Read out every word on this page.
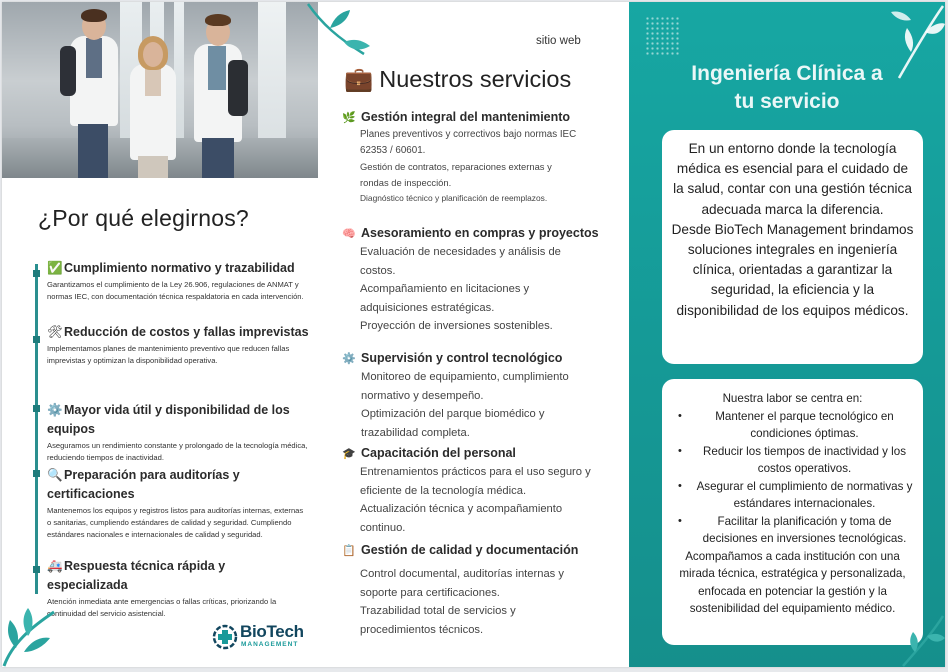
¿Por qué elegirnos?
✅Cumplimiento normativo y trazabilidad
Garantizamos el cumplimiento de la Ley 26.906, regulaciones de ANMAT y normas IEC, con documentación técnica respaldatoria en cada intervención.
🛠Reducción de costos y fallas imprevistas
Implementamos planes de mantenimiento preventivo que reducen fallas imprevistas y optimizan la disponibilidad operativa.
⚙️Mayor vida útil y disponibilidad de los equipos
Aseguramos un rendimiento constante y prolongado de la tecnología médica, reduciendo tiempos de inactividad.
🔍Preparación para auditorías y certificaciones
Mantenemos los equipos y registros listos para auditorías internas, externas o sanitarias, cumpliendo estándares de calidad y seguridad. Cumpliendo estándares nacionales e internacionales de calidad y seguridad.
🚑Respuesta técnica rápida y especializada
Atención inmediata ante emergencias o fallas críticas, priorizando la continuidad del servicio asistencial.
BioTech
MANAGEMENT
sitio web
💼 Nuestros servicios
🌿 Gestión integral del mantenimiento
Planes preventivos y correctivos bajo normas IEC
62353 / 60601.
Gestión de contratos, reparaciones externas y
rondas de inspección.
Diagnóstico técnico y planificación de reemplazos.
🧠 Asesoramiento en compras y proyectos
Evaluación de necesidades y análisis de
costos.
Acompañamiento en licitaciones y
adquisiciones estratégicas.
Proyección de inversiones sostenibles.
⚙️ Supervisión y control tecnológico
Monitoreo de equipamiento, cumplimiento
normativo y desempeño.
Optimización del parque biomédico y
trazabilidad completa.
🎓 Capacitación del personal
Entrenamientos prácticos para el uso seguro y
eficiente de la tecnología médica.
Actualización técnica y acompañamiento
continuo.
📋 Gestión de calidad y documentación
Control documental, auditorías internas y
soporte para certificaciones.
Trazabilidad total de servicios y
procedimientos técnicos.
Ingeniería Clínica a
tu servicio

En un entorno donde la tecnología médica es esencial para el cuidado de la salud, contar con una gestión técnica adecuada marca la diferencia.

Desde BioTech Management brindamos soluciones integrales en ingeniería clínica, orientadas a garantizar la seguridad, la eficiencia y la disponibilidad de los equipos médicos.

Nuestra labor se centra en:
• Mantener el parque tecnológico en condiciones óptimas.
• Reducir los tiempos de inactividad y los costos operativos.
• Asegurar el cumplimiento de normativas y estándares internacionales.
• Facilitar la planificación y toma de decisiones en inversiones tecnológicas.
Acompañamos a cada institución con una mirada técnica, estratégica y personalizada, enfocada en potenciar la gestión y la sostenibilidad del equipamiento médico.
